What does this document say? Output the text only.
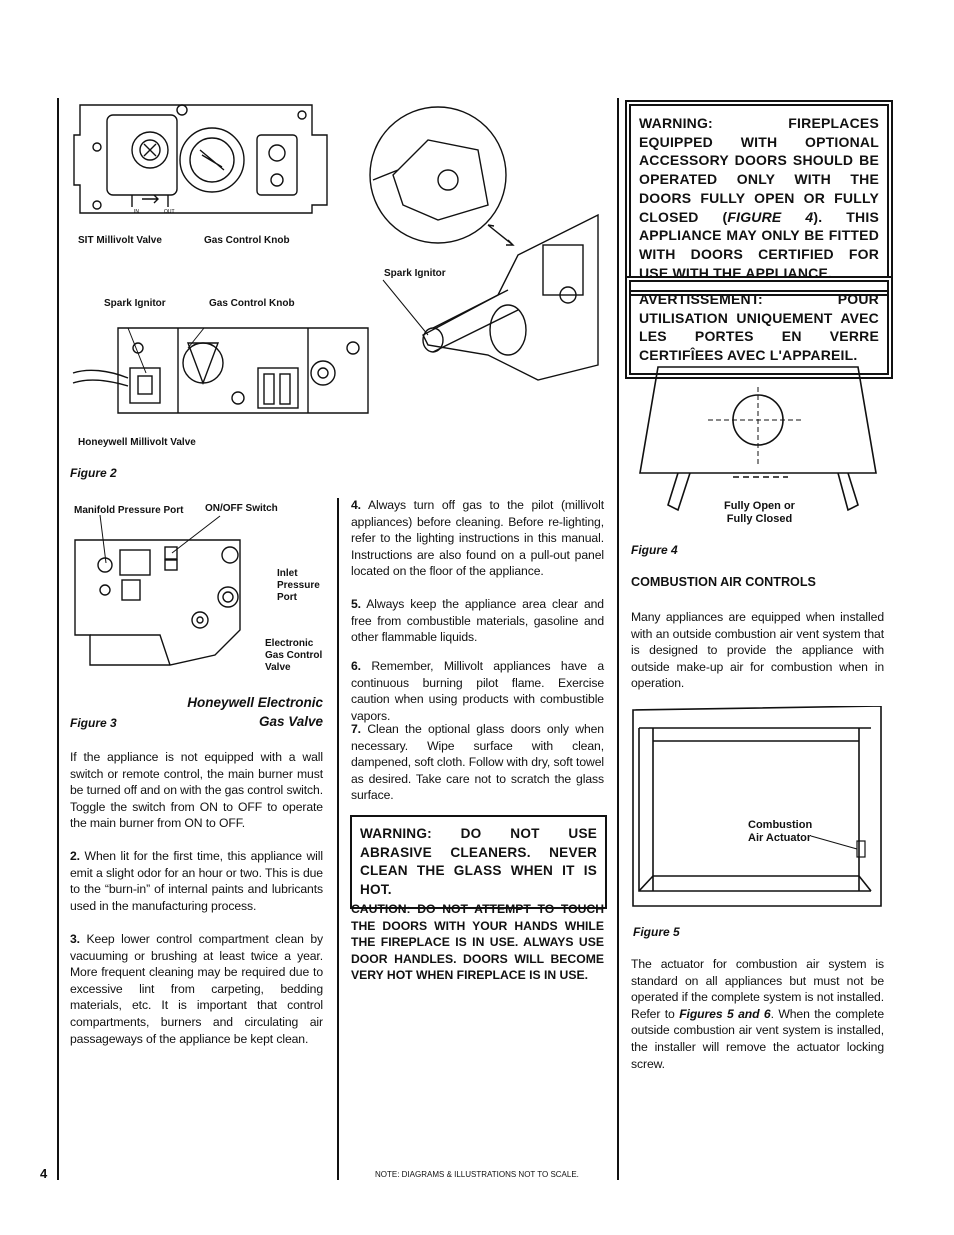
IN	OUT
SIT Millivolt Valve	Gas Control Knob
Spark Ignitor	Gas Control Knob
Honeywell Millivolt Valve
Spark Ignitor
Figure 2
Manifold Pressure Port ON/OFF Switch
Inlet Pressure Port
Electronic Gas Control Valve
Honeywell Electronic Gas Valve
Figure 3
If the appliance is not equipped with a wall switch or remote control, the main burner must be turned off and on with the gas control switch. Toggle the switch from ON to OFF to operate the main burner from ON to OFF.
2. When lit for the first time, this appliance will emit a slight odor for an hour or two. This is due to the “burn-in” of internal paints and lubricants used in the manufacturing process.
3. Keep lower control compartment clean by vacuuming or brushing at least twice a year. More frequent cleaning may be required due to excessive lint from carpeting, bedding materials, etc. It is important that control compartments, burners and circulating air passageways of the appliance be kept clean.
4. Always turn off gas to the pilot (millivolt appliances) before cleaning. Before re-lighting, refer to the lighting instructions in this manual. Instructions are also found on a pull-out panel located on the floor of the appliance.
5. Always keep the appliance area clear and free from combustible materials, gasoline and other flammable liquids.
6. Remember, Millivolt appliances have a continuous burning pilot flame. Exercise caution when using products with combustible vapors.
7. Clean the optional glass doors only when necessary. Wipe surface with clean, dampened, soft cloth. Follow with dry, soft towel as desired. Take care not to scratch the glass surface.
WARNING: DO NOT USE ABRASIVE CLEANERS. NEVER CLEAN THE GLASS WHEN IT IS HOT.
CAUTION: DO NOT ATTEMPT TO TOUCH THE DOORS WITH YOUR HANDS WHILE THE FIREPLACE IS IN USE. ALWAYS USE DOOR HANDLES. DOORS WILL BECOME VERY HOT WHEN FIREPLACE IS IN USE.
WARNING: FIREPLACES EQUIPPED WITH OPTIONAL ACCESSORY DOORS SHOULD BE OPERATED ONLY WITH THE DOORS FULLY OPEN OR FULLY CLOSED (FIGURE 4). THIS APPLIANCE MAY ONLY BE FITTED WITH DOORS CERTIFIED FOR USE WITH THE APPLIANCE.
AVERTISSEMENT: POUR UTILISATION UNIQUEMENT AVEC LES PORTES EN VERRE CERTIFÎEES AVEC L'APPAREIL.
Fully Open or Fully Closed
Figure 4
COMBUSTION AIR CONTROLS
Many appliances are equipped when installed with an outside combustion air vent system that is designed to provide the appliance with outside make-up air for combustion when in operation.
Combustion Air Actuator
Figure 5
The actuator for combustion air system is standard on all appliances but must not be operated if the complete system is not installed. Refer to Figures 5 and 6. When the complete outside combustion air vent system is installed, the installer will remove the actuator locking screw.
4	NOTE: DIAGRAMS & ILLUSTRATIONS NOT TO SCALE.
